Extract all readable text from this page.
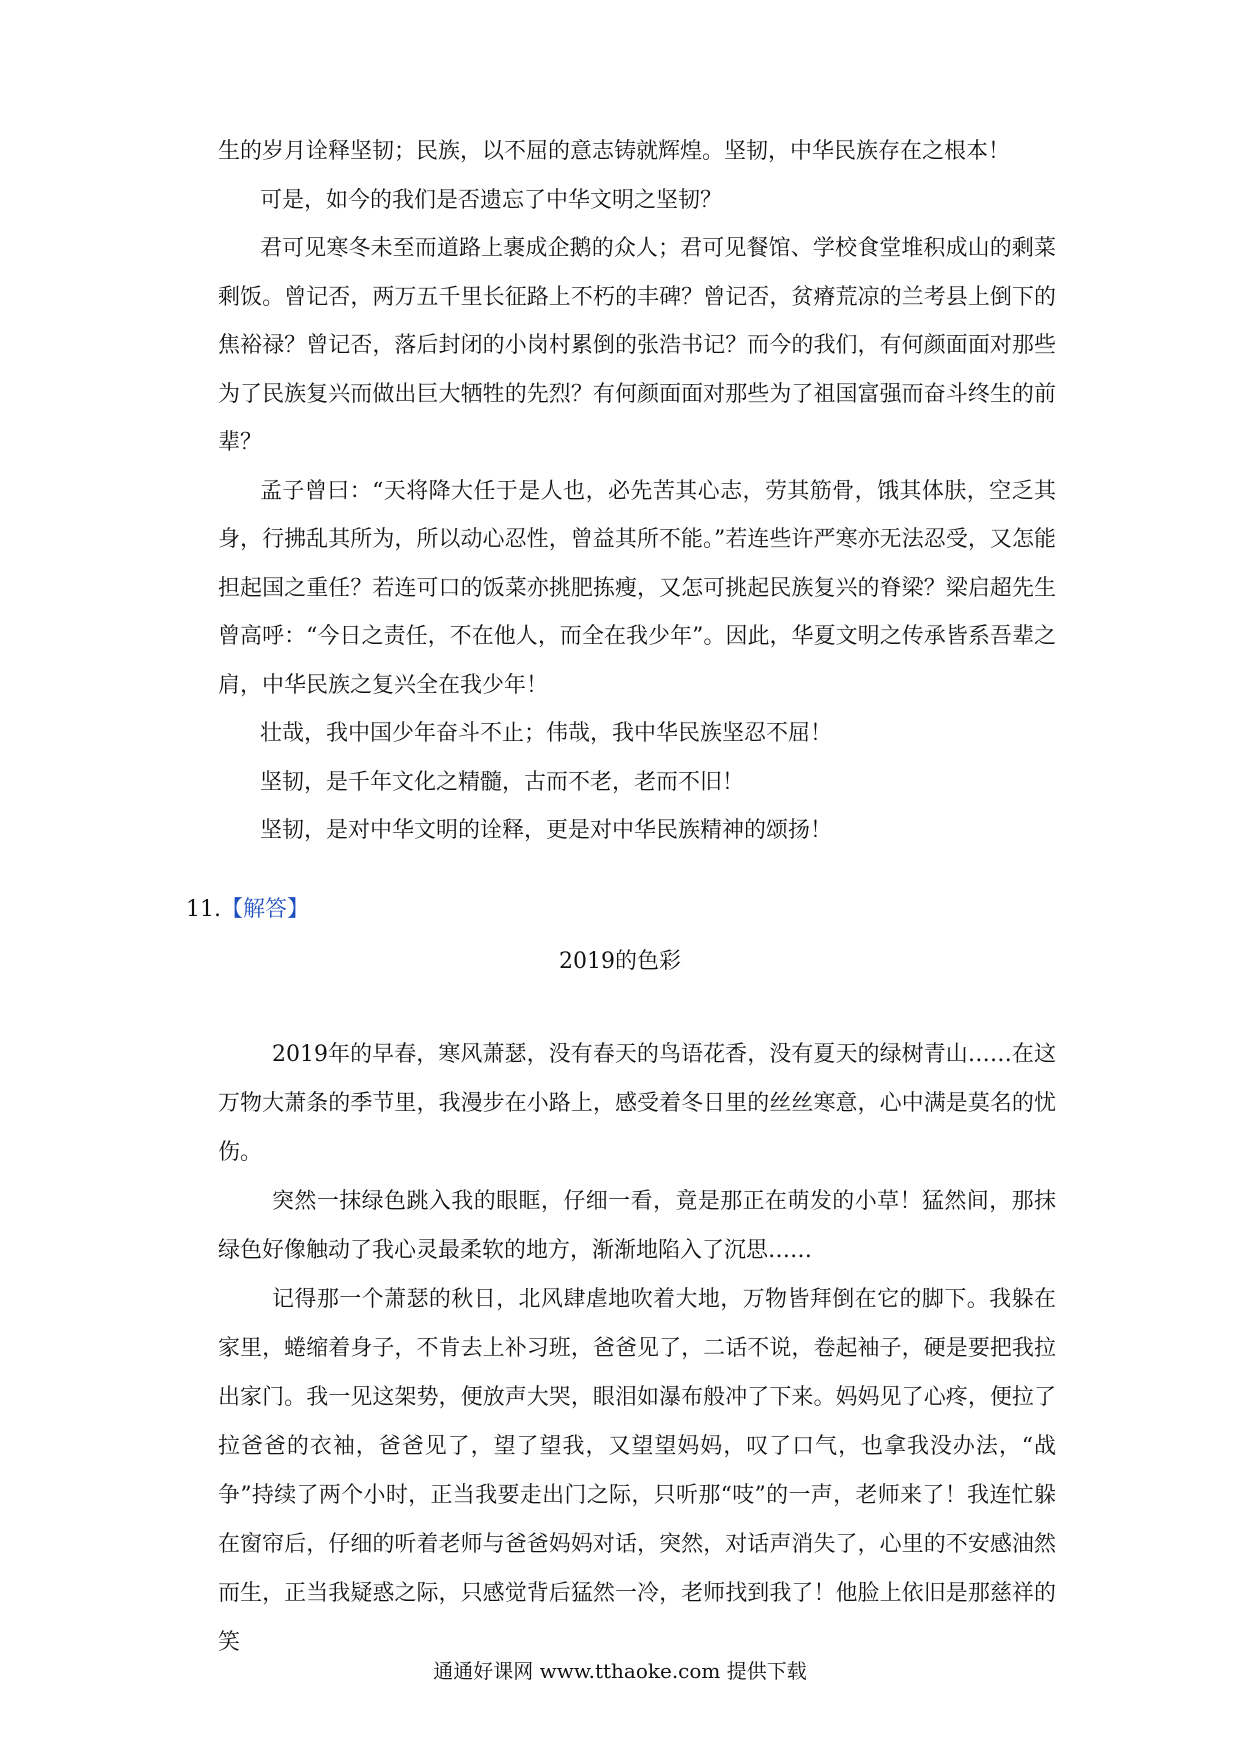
生的岁月诠释坚韧；民族，以不屈的意志铸就辉煌。坚韧，中华民族存在之根本！

可是，如今的我们是否遗忘了中华文明之坚韧？

君可见寒冬未至而道路上裹成企鹅的众人；君可见餐馆、学校食堂堆积成山的剩菜剩饭。曾记否，两万五千里长征路上不朽的丰碑？曾记否，贫瘠荒凉的兰考县上倒下的焦裕禄？曾记否，落后封闭的小岗村累倒的张浩书记？而今的我们，有何颜面面对那些为了民族复兴而做出巨大牺牲的先烈？有何颜面面对那些为了祖国富强而奋斗终生的前辈？

孟子曾曰：“天将降大任于是人也，必先苦其心志，劳其筋骨，饿其体肤，空乏其身，行拂乱其所为，所以动心忍性，曾益其所不能。”若连些许严寒亦无法忍受，又怎能担起国之重任？若连可口的饭菜亦挑肥拣瘦，又怎可挑起民族复兴的脊梁？梁启超先生曾高呼：“今日之责任，不在他人，而全在我少年”。因此，华夏文明之传承皆系吾辈之肩，中华民族之复兴全在我少年！

壮哉，我中国少年奋斗不止；伟哉，我中华民族坚忍不屈！

坚韧，是千年文化之精髓，古而不老，老而不旧！

坚韧，是对中华文明的诠释，更是对中华民族精神的颂扬！

11.【解答】

2019的色彩

2019年的早春，寒风萧瑟，没有春天的鸟语花香，没有夏天的绿树青山……在这万物大萧条的季节里，我漫步在小路上，感受着冬日里的丝丝寒意，心中满是莫名的忧伤。

突然一抹绿色跳入我的眼眶，仔细一看，竟是那正在萌发的小草！猛然间，那抹绿色好像触动了我心灵最柔软的地方，渐渐地陷入了沉思……

记得那一个萧瑟的秋日，北风肆虐地吹着大地，万物皆拜倒在它的脚下。我躲在家里，蜷缩着身子，不肯去上补习班，爸爸见了，二话不说，卷起袖子，硬是要把我拉出家门。我一见这架势，便放声大哭，眼泪如瀑布般冲了下来。妈妈见了心疼，便拉了拉爸爸的衣袖，爸爸见了，望了望我，又望望妈妈，叹了口气，也拿我没办法，“战争”持续了两个小时，正当我要走出门之际，只听那“吱”的一声，老师来了！我连忙躲在窗帘后，仔细的听着老师与爸爸妈妈对话，突然，对话声消失了，心里的不安感油然而生，正当我疑惑之际，只感觉背后猛然一冷，老师找到我了！他脸上依旧是那慈祥的笑

通通好课网 www.tthaoke.com 提供下载
